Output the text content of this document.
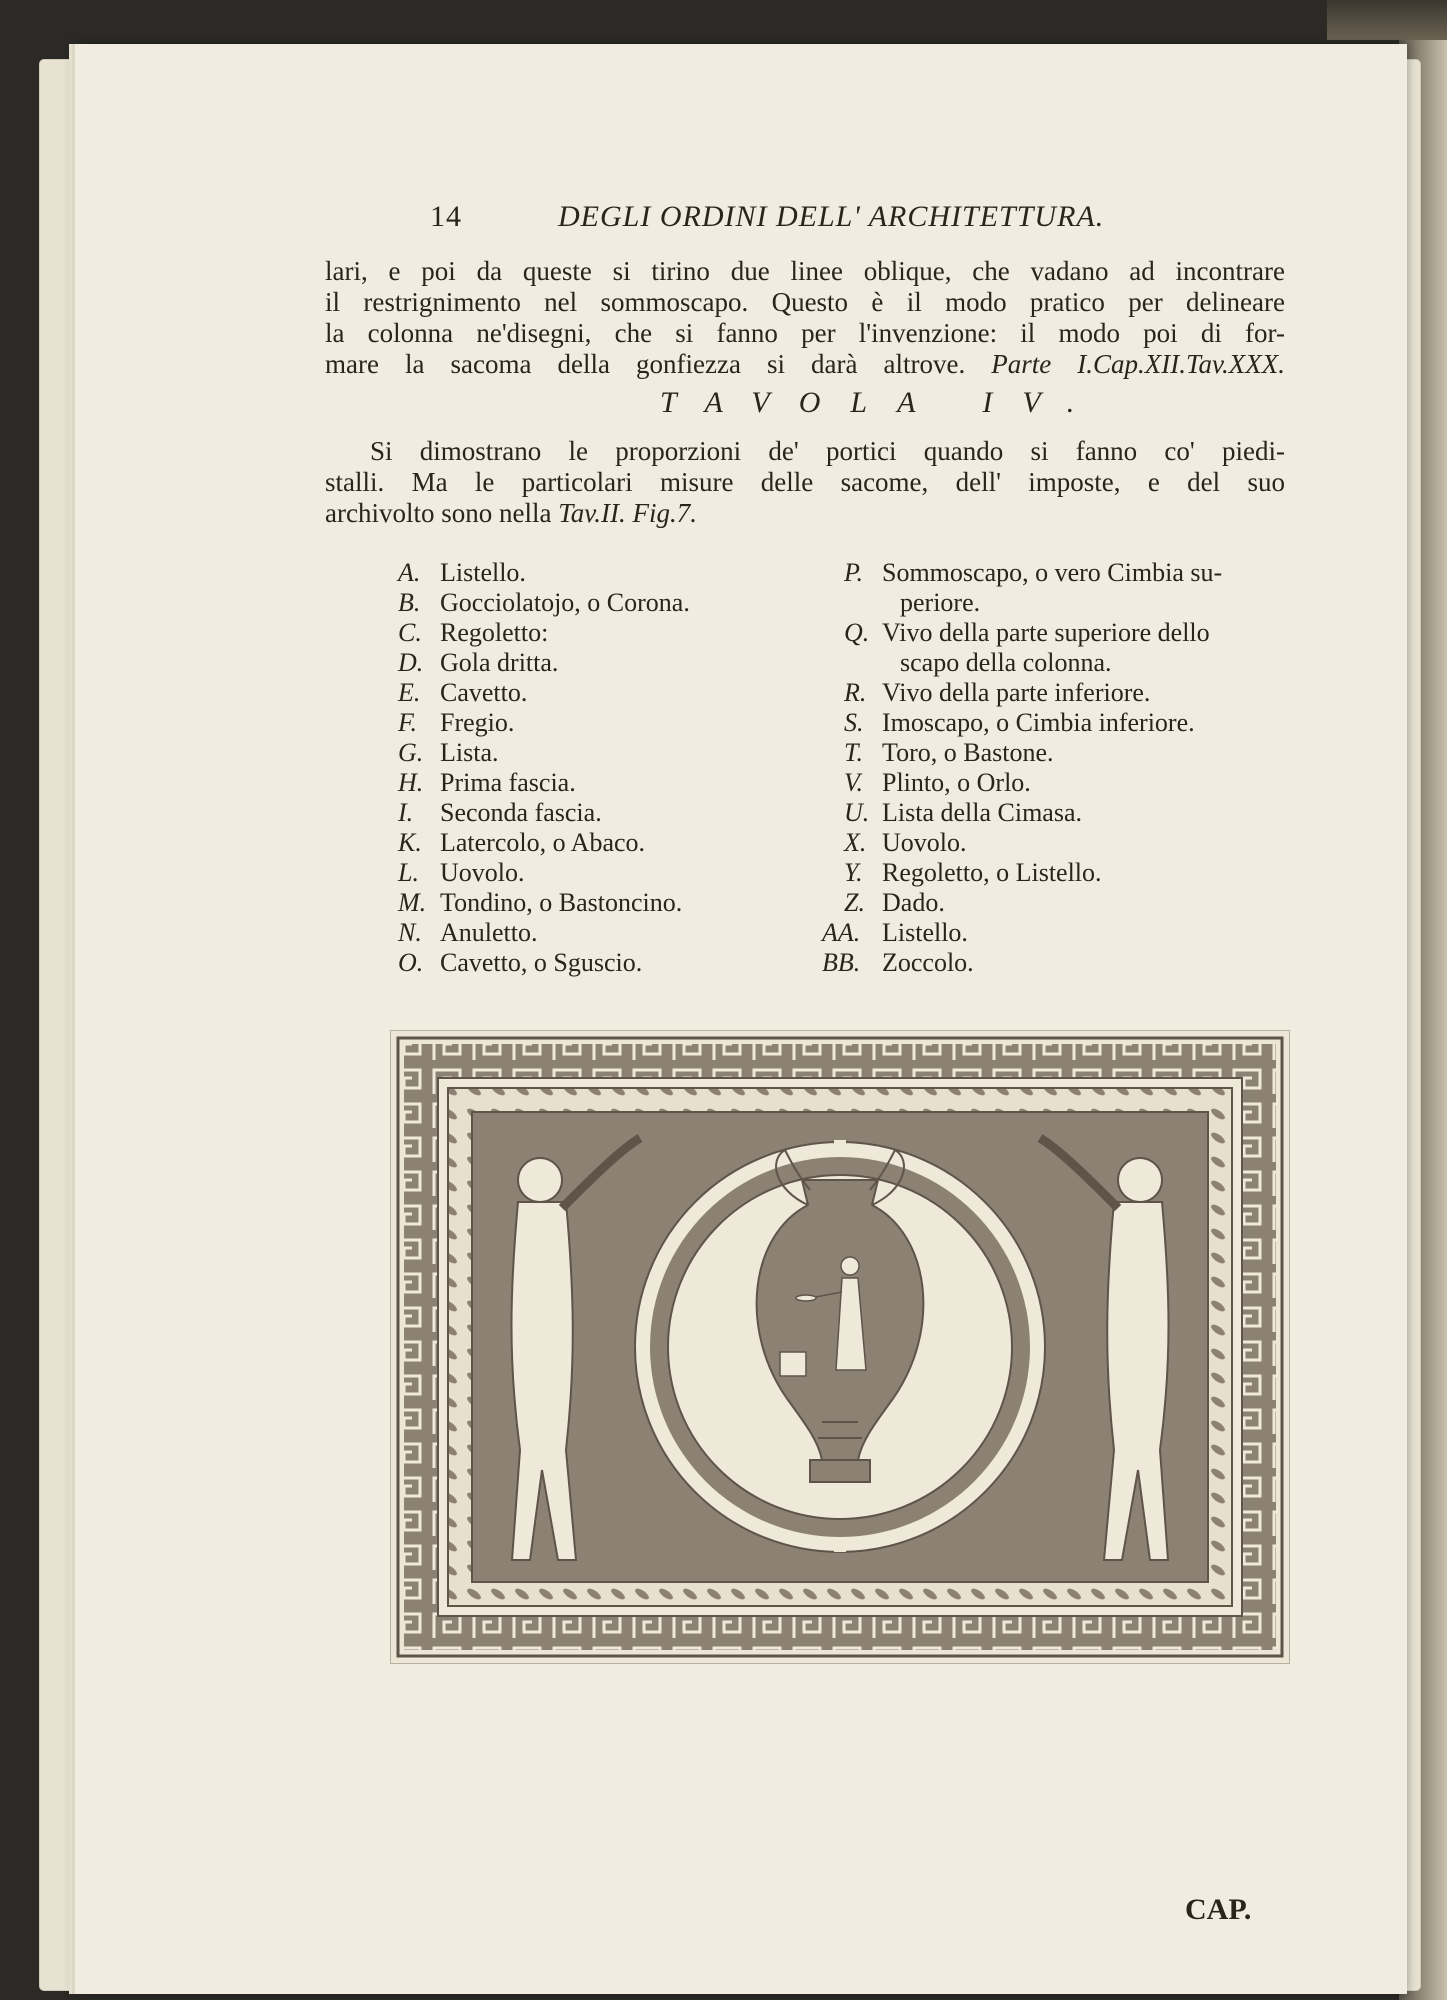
14	DEGLI ORDINI DELL' ARCHITETTURA.
lari, e poi da queste si tirino due linee oblique, che vadano ad incontrare
il restrignimento nel sommoscapo. Questo è il modo pratico per delineare
la colonna ne'disegni, che si fanno per l'invenzione: il modo poi di for-
mare la sacoma della gonfiezza si darà altrove. Parte I.Cap.XII.Tav.XXX.
TAVOLA IV.
Si dimostrano le proporzioni de' portici quando si fanno co' piedi-
stalli. Ma le particolari misure delle sacome, dell' imposte, e del suo
archivolto sono nella Tav.II. Fig.7.
A. Listello.
B. Gocciolatojo, o Corona.
C. Regoletto:
D. Gola dritta.
E. Cavetto.
F. Fregio.
G. Lista.
H. Prima fascia.
I. Seconda fascia.
K. Latercolo, o Abaco.
L. Uovolo.
M. Tondino, o Bastoncino.
N. Anuletto.
O. Cavetto, o Sguscio.
P. Sommoscapo, o vero Cimbia su-
periore.
Q. Vivo della parte superiore dello
scapo della colonna.
R. Vivo della parte inferiore.
S. Imoscapo, o Cimbia inferiore.
T. Toro, o Bastone.
V. Plinto, o Orlo.
U. Lista della Cimasa.
X. Uovolo.
Y. Regoletto, o Listello.
Z. Dado.
AA. Listello.
BB. Zoccolo.
CAP.
